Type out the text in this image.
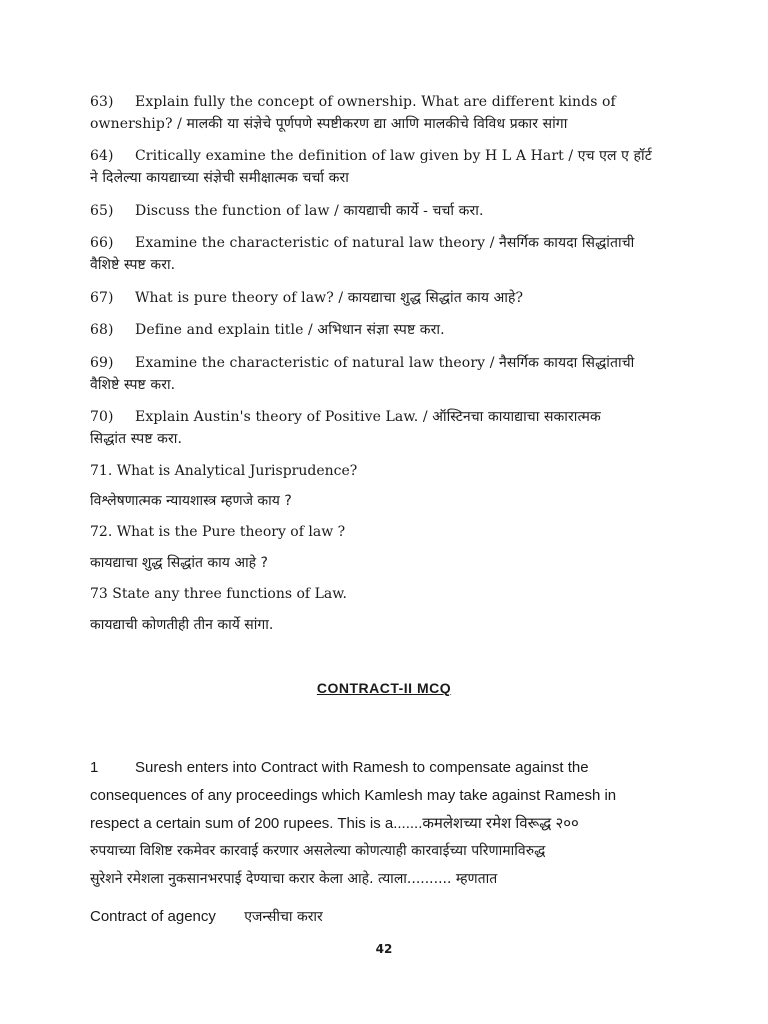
63) Explain fully the concept of ownership. What are different kinds of
ownership? / मालकी या संज्ञेचे पूर्णपणे स्पष्टीकरण द्या आणि मालकीचे विविध प्रकार सांगा
64) Critically examine the definition of law given by H L A Hart / एच एल ए हॉर्ट
ने दिलेल्या कायद्याच्या संज्ञेची समीक्षात्मक चर्चा करा
65) Discuss the function of law / कायद्याची कार्ये - चर्चा करा.
66) Examine the characteristic of natural law theory / नैसर्गिक कायदा सिद्धांताची
वैशिष्टे स्पष्ट करा.
67) What is pure theory of law? / कायद्याचा शुद्ध सिद्धांत काय आहे?
68) Define and explain title / अभिधान संज्ञा स्पष्ट करा.
69) Examine the characteristic of natural law theory / नैसर्गिक कायदा सिद्धांताची
वैशिष्टे स्पष्ट करा.
70) Explain Austin's theory of Positive Law. / ऑस्टिनचा कायाद्याचा सकारात्मक
सिद्धांत स्पष्ट करा.
71. What is Analytical Jurisprudence?
विश्लेषणात्मक न्यायशास्त्र म्हणजे काय ?
72. What is the Pure theory of law ?
कायद्याचा शुद्ध सिद्धांत काय आहे ?
73 State any three functions of Law.
कायद्याची कोणतीही तीन कार्ये सांगा.
CONTRACT-II MCQ
1 Suresh enters into Contract with Ramesh to compensate against the
consequences of any proceedings which Kamlesh may take against Ramesh in
respect a certain sum of 200 rupees. This is a.......कमलेशच्या रमेश विरूद्ध २००
रुपयाच्या विशिष्ट रकमेवर कारवाई करणार असलेल्या कोणत्याही कारवाईच्या परिणामाविरुद्ध
सुरेशने रमेशला नुकसानभरपाई देण्याचा करार केला आहे. त्याला.......... म्हणतात
Contract of agency एजन्सीचा करार
42
